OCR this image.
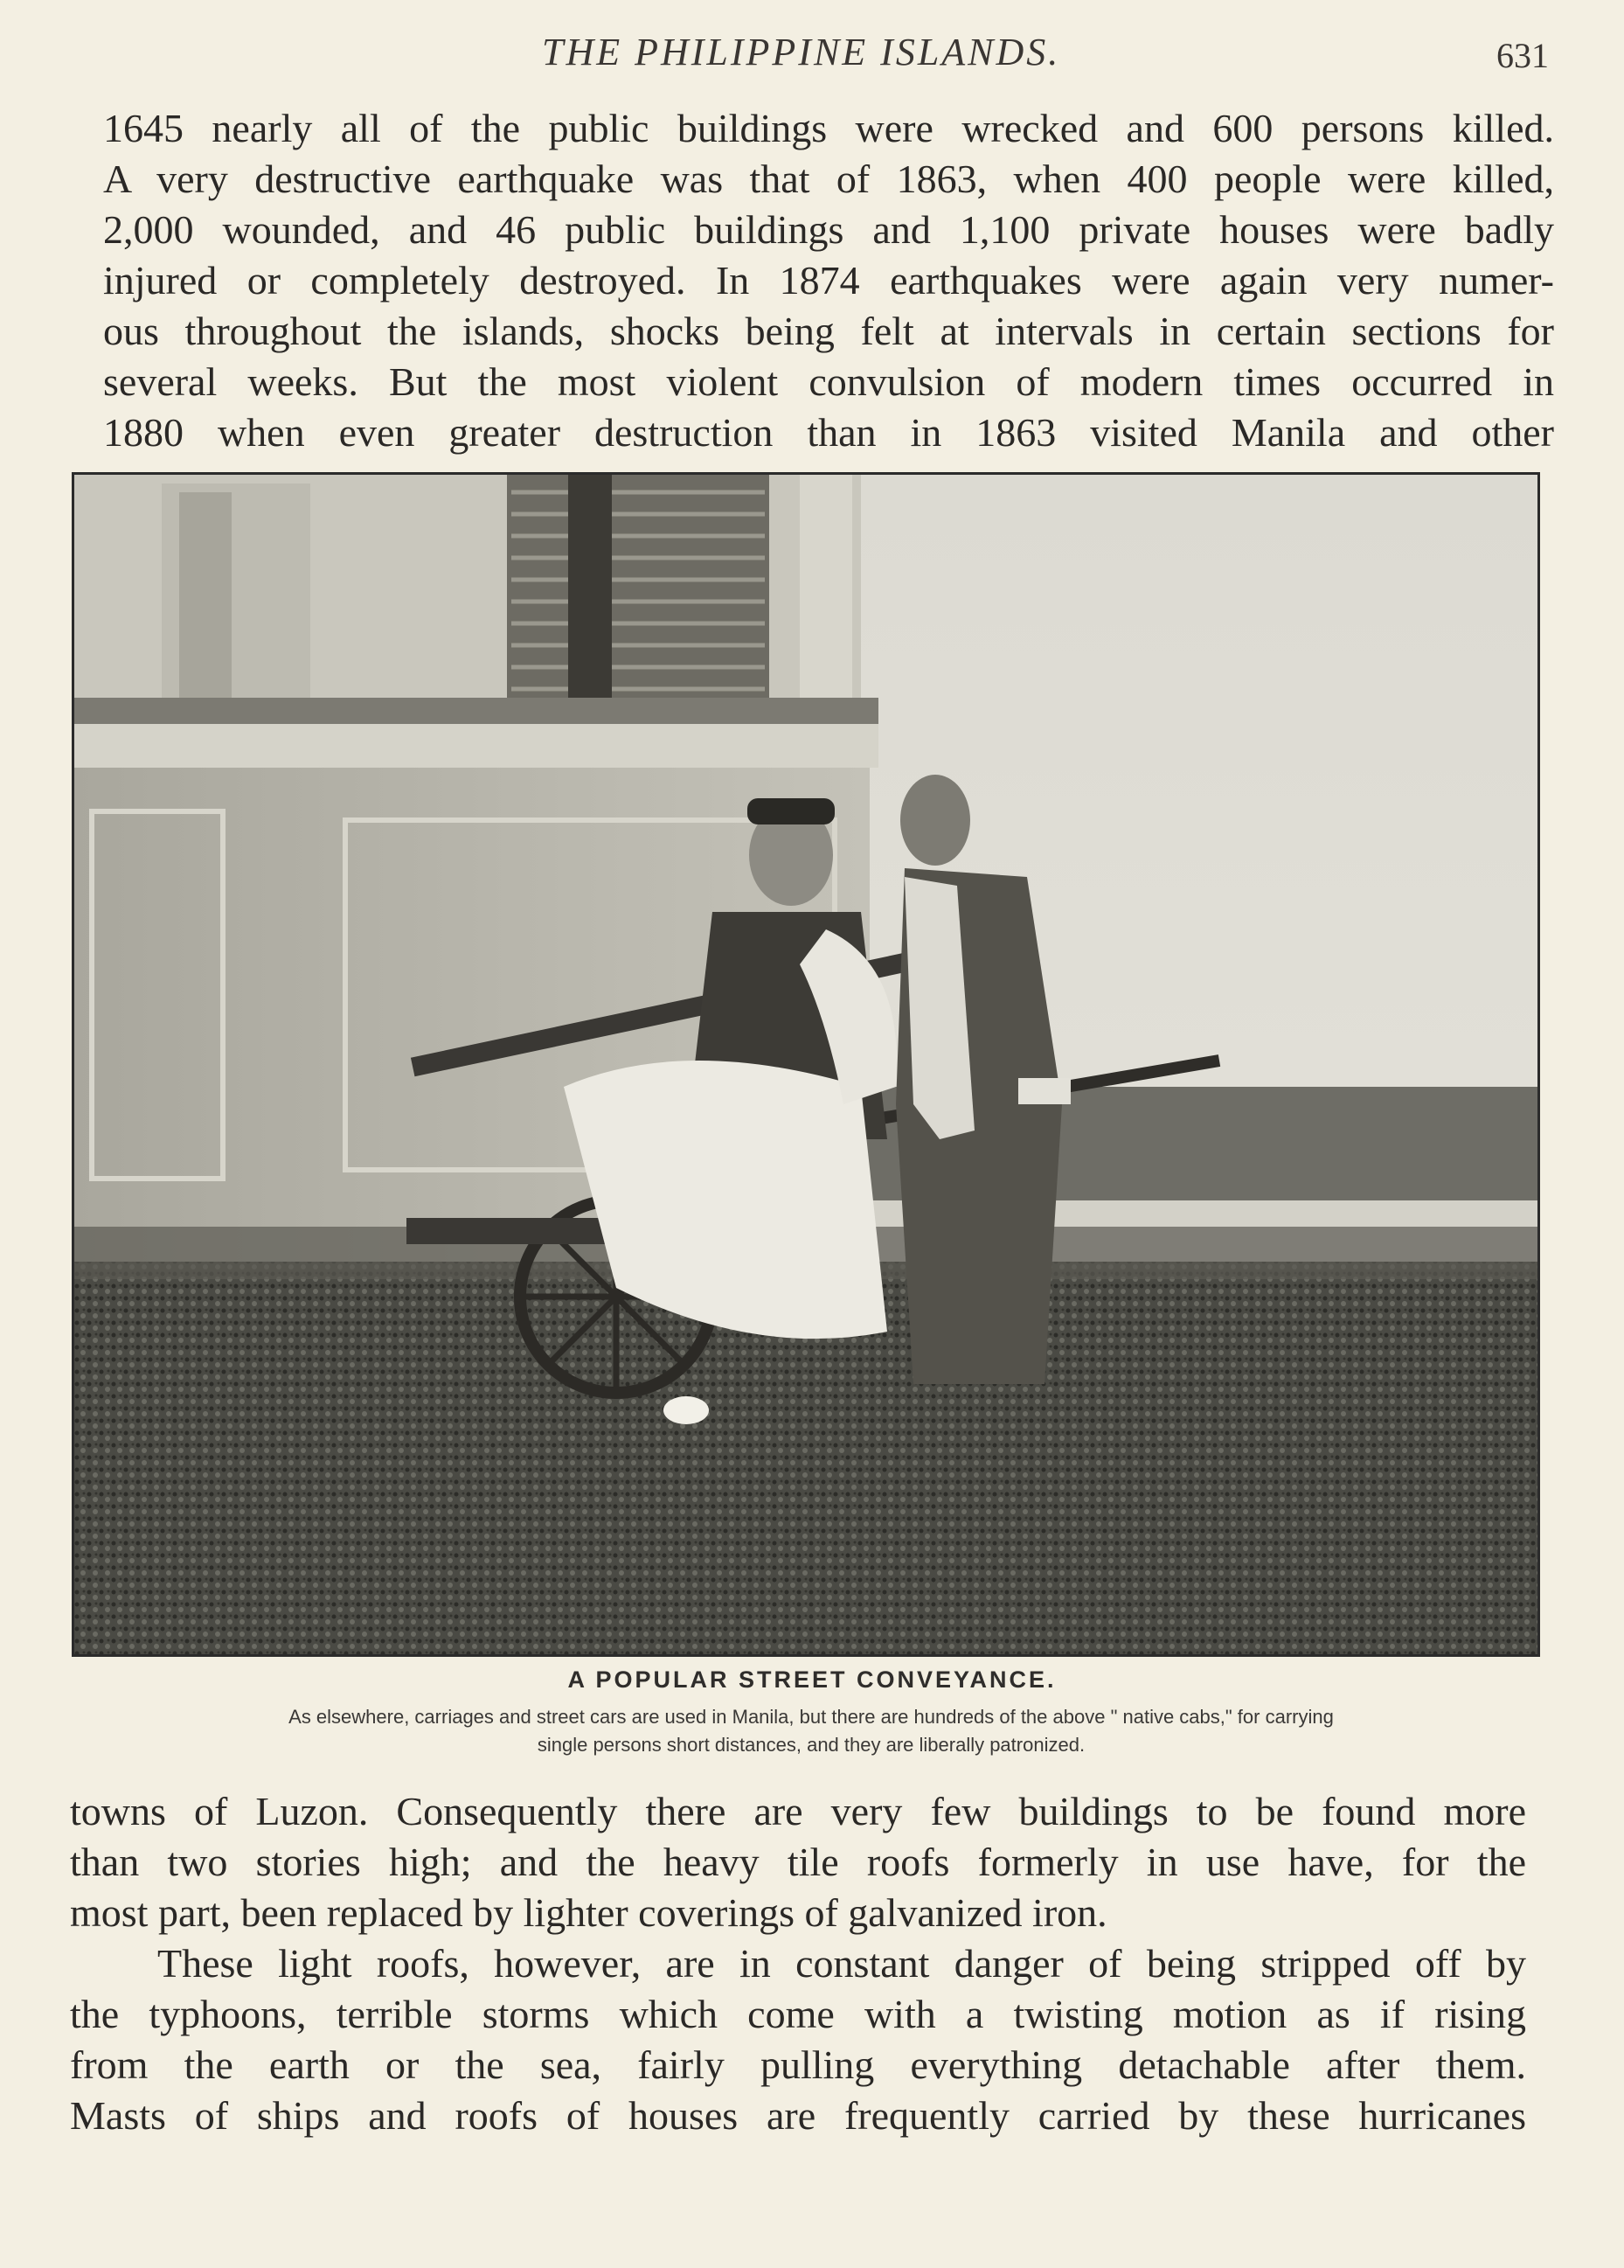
THE PHILIPPINE ISLANDS.	631
1645 nearly all of the public buildings were wrecked and 600 persons killed.
A very destructive earthquake was that of 1863, when 400 people were killed,
2,000 wounded, and 46 public buildings and 1,100 private houses were badly
injured or completely destroyed. In 1874 earthquakes were again very numer-
ous throughout the islands, shocks being felt at intervals in certain sections for
several weeks. But the most violent convulsion of modern times occurred in
1880 when even greater destruction than in 1863 visited Manila and other
A POPULAR STREET CONVEYANCE.
As elsewhere, carriages and street cars are used in Manila, but there are hundreds of the above " native cabs," for carrying
single persons short distances, and they are liberally patronized.
towns of Luzon. Consequently there are very few buildings to be found more
than two stories high; and the heavy tile roofs formerly in use have, for the
most part, been replaced by lighter coverings of galvanized iron.
These light roofs, however, are in constant danger of being stripped off by
the typhoons, terrible storms which come with a twisting motion as if rising
from the earth or the sea, fairly pulling everything detachable after them.
Masts of ships and roofs of houses are frequently carried by these hurricanes
